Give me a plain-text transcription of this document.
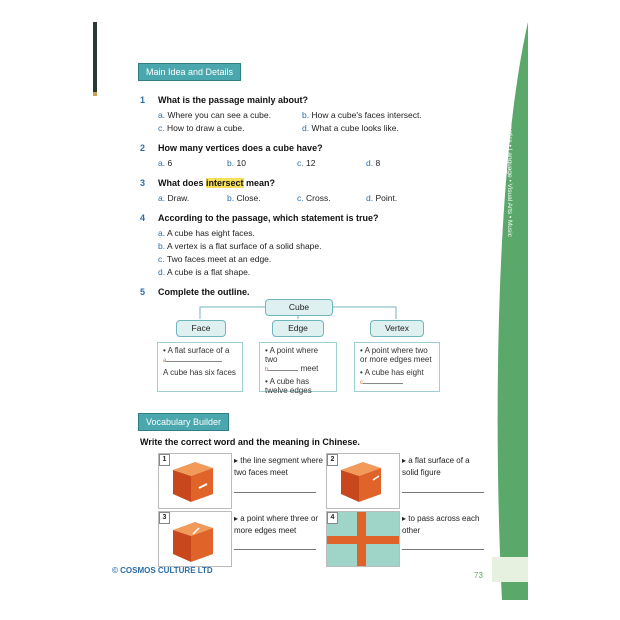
3
Mathematics • Language • Visual Arts • Music
73
Main Idea and Details
1 What is the passage mainly about?
a. Where you can see a cube.	b. How a cube's faces intersect.
c. How to draw a cube.	d. What a cube looks like.
2 How many vertices does a cube have?
a. 6	b. 10	c. 12	d. 8
3 What does intersect mean?
a. Draw.	b. Close.	c. Cross.	d. Point.
4 According to the passage, which statement is true?
a. A cube has eight faces.
b. A vertex is a flat surface of a solid shape.
c. Two faces meet at an edge.
d. A cube is a flat shape.
5 Complete the outline.
Cube
Face	Edge	Vertex
• A flat surface of a
a
A cube has six faces
• A point where two
b	meet
• A cube has twelve edges
• A point where two or more edges meet
• A cube has eight
c
Vocabulary Builder
Write the correct word and the meaning in Chinese.
1	▸ the line segment where two faces meet
2	▸ a flat surface of a solid figure
3	▸ a point where three or more edges meet
4	▸ to pass across each other
© COSMOS CULTURE LTD
